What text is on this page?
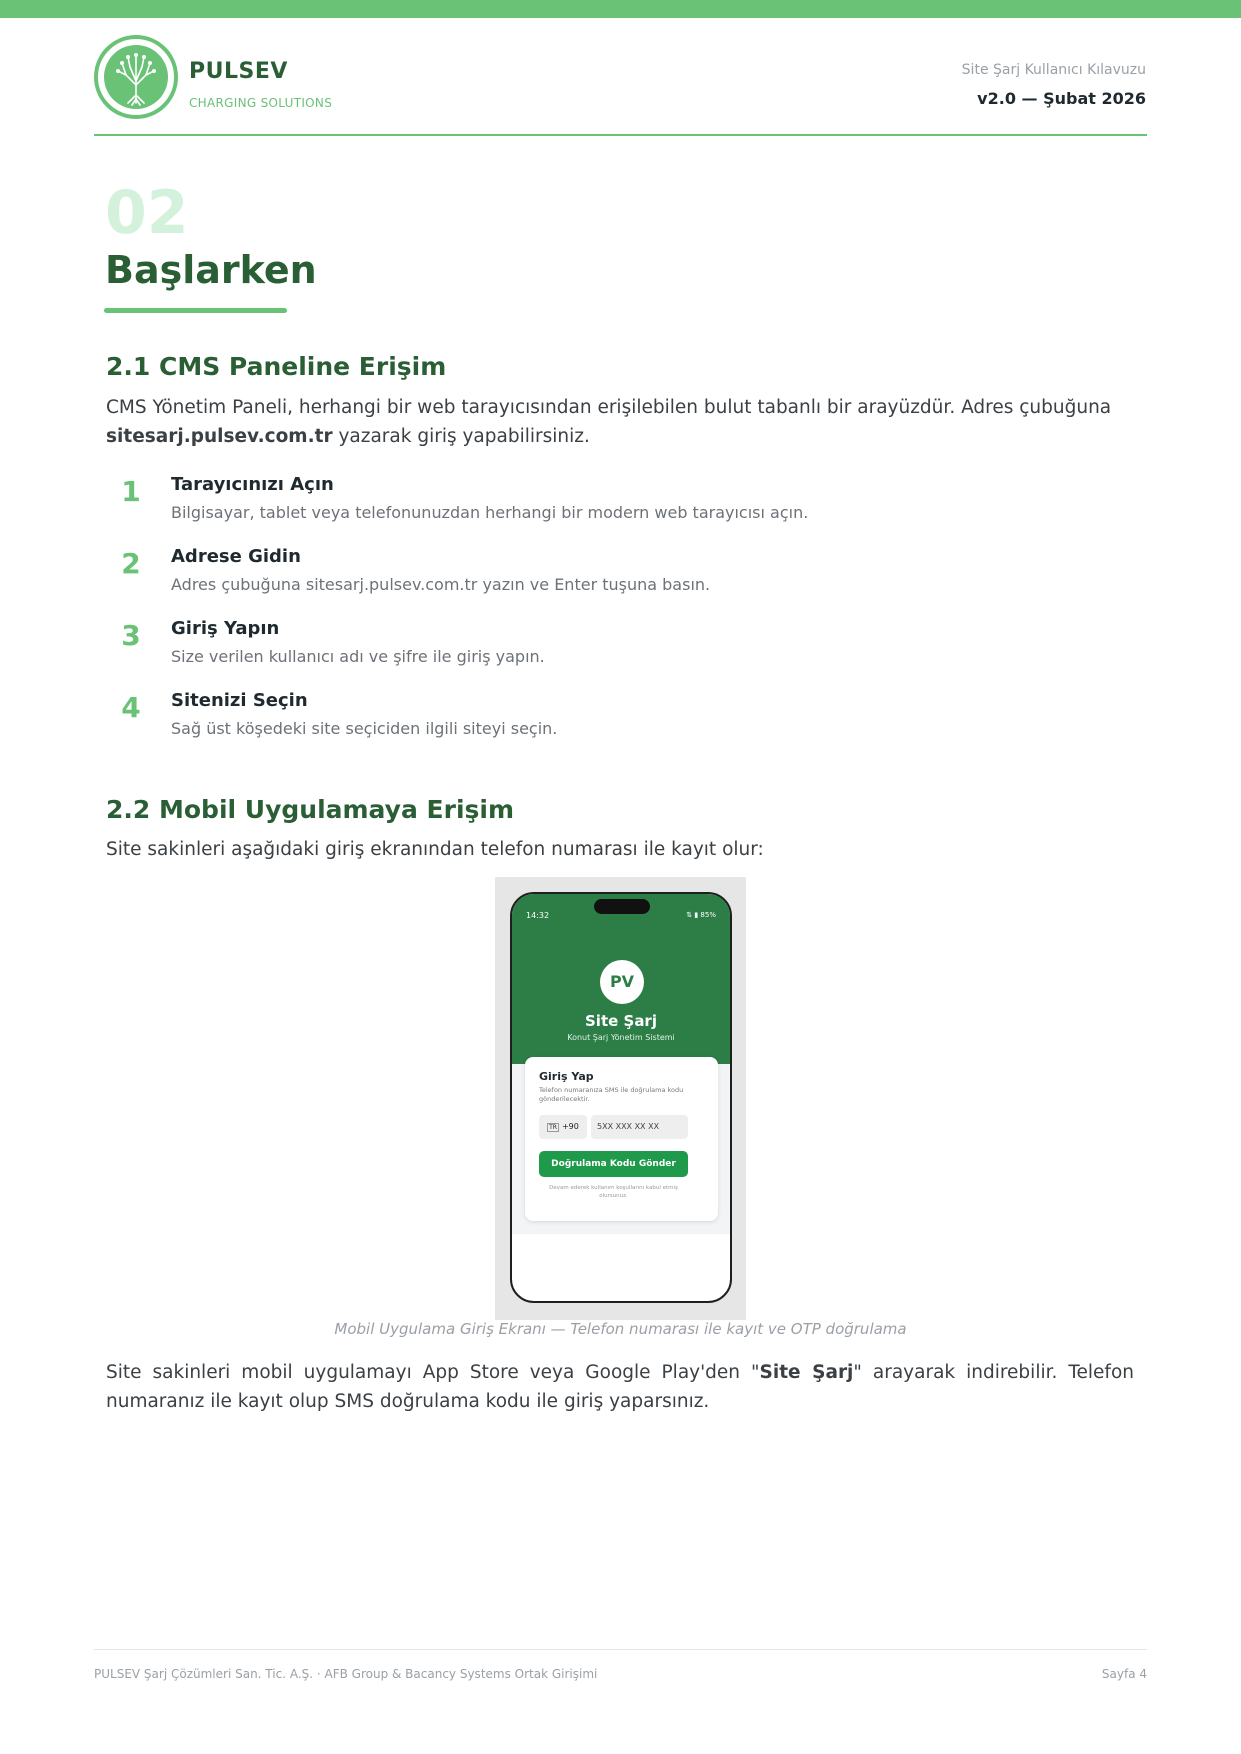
PULSEV
CHARGING SOLUTIONS
Site Şarj Kullanıcı Kılavuzu
v2.0 — Şubat 2026
02
Başlarken
2.1 CMS Paneline Erişim
CMS Yönetim Paneli, herhangi bir web tarayıcısından erişilebilen bulut tabanlı bir arayüzdür. Adres çubuğuna sitesarj.pulsev.com.tr yazarak giriş yapabilirsiniz.
1 Tarayıcınızı Açın
Bilgisayar, tablet veya telefonunuzdan herhangi bir modern web tarayıcısı açın.
2 Adrese Gidin
Adres çubuğuna sitesarj.pulsev.com.tr yazın ve Enter tuşuna basın.
3 Giriş Yapın
Size verilen kullanıcı adı ve şifre ile giriş yapın.
4 Sitenizi Seçin
Sağ üst köşedeki site seçiciden ilgili siteyi seçin.
2.2 Mobil Uygulamaya Erişim
Site sakinleri aşağıdaki giriş ekranından telefon numarası ile kayıt olur:
14:32	⇅ ▮ 85%
PV
Site Şarj
Konut Şarj Yönetim Sistemi
Giriş Yap
Telefon numaranıza SMS ile doğrulama kodu gönderilecektir.
TR +90	5XX XXX XX XX
Doğrulama Kodu Gönder
Devam ederek kullanım koşullarını kabul etmiş olursunuz.
Mobil Uygulama Giriş Ekranı — Telefon numarası ile kayıt ve OTP doğrulama
Site sakinleri mobil uygulamayı App Store veya Google Play'den "Site Şarj" arayarak indirebilir. Telefon numaranız ile kayıt olup SMS doğrulama kodu ile giriş yaparsınız.
PULSEV Şarj Çözümleri San. Tic. A.Ş. · AFB Group & Bacancy Systems Ortak Girişimi	Sayfa 4
